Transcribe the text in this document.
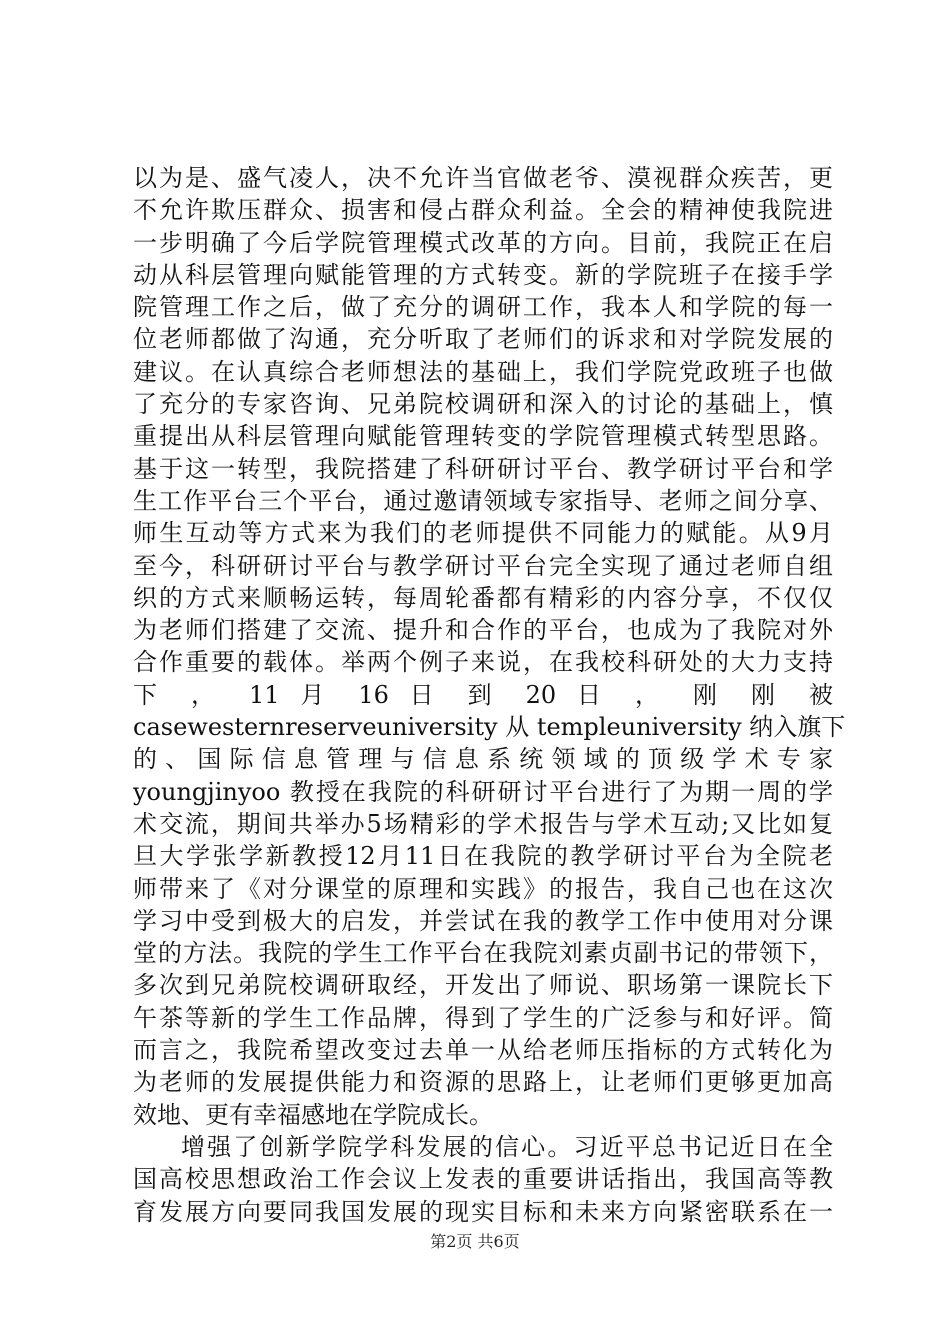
以为是、盛气凌人，决不允许当官做老爷、漠视群众疾苦，更
不允许欺压群众、损害和侵占群众利益。全会的精神使我院进
一步明确了今后学院管理模式改革的方向。目前，我院正在启
动从科层管理向赋能管理的方式转变。新的学院班子在接手学
院管理工作之后，做了充分的调研工作，我本人和学院的每一
位老师都做了沟通，充分听取了老师们的诉求和对学院发展的
建议。在认真综合老师想法的基础上，我们学院党政班子也做
了充分的专家咨询、兄弟院校调研和深入的讨论的基础上，慎
重提出从科层管理向赋能管理转变的学院管理模式转型思路。
基于这一转型，我院搭建了科研研讨平台、教学研讨平台和学
生工作平台三个平台，通过邀请领域专家指导、老师之间分享、
师生互动等方式来为我们的老师提供不同能力的赋能。从9月
至今，科研研讨平台与教学研讨平台完全实现了通过老师自组
织的方式来顺畅运转，每周轮番都有精彩的内容分享，不仅仅
为老师们搭建了交流、提升和合作的平台，也成为了我院对外
合作重要的载体。举两个例子来说，在我校科研处的大力支持
下 ， 11 月 16 日 到 20 日 ， 刚 刚 被
casewesternreserveuniversity 从 templeuniversity 纳入旗下
的 、 国 际 信 息 管 理 与 信 息 系 统 领 域 的 顶 级 学 术 专 家
youngjinyoo 教授在我院的科研研讨平台进行了为期一周的学
术交流，期间共举办5场精彩的学术报告与学术互动;又比如复
旦大学张学新教授12月11日在我院的教学研讨平台为全院老
师带来了《对分课堂的原理和实践》的报告，我自己也在这次
学习中受到极大的启发，并尝试在我的教学工作中使用对分课
堂的方法。我院的学生工作平台在我院刘素贞副书记的带领下，
多次到兄弟院校调研取经，开发出了师说、职场第一课院长下
午茶等新的学生工作品牌，得到了学生的广泛参与和好评。简
而言之，我院希望改变过去单一从给老师压指标的方式转化为
为老师的发展提供能力和资源的思路上，让老师们更够更加高
效地、更有幸福感地在学院成长。
增强了创新学院学科发展的信心。习近平总书记近日在全
国高校思想政治工作会议上发表的重要讲话指出，我国高等教
育发展方向要同我国发展的现实目标和未来方向紧密联系在一
第2页 共6页
